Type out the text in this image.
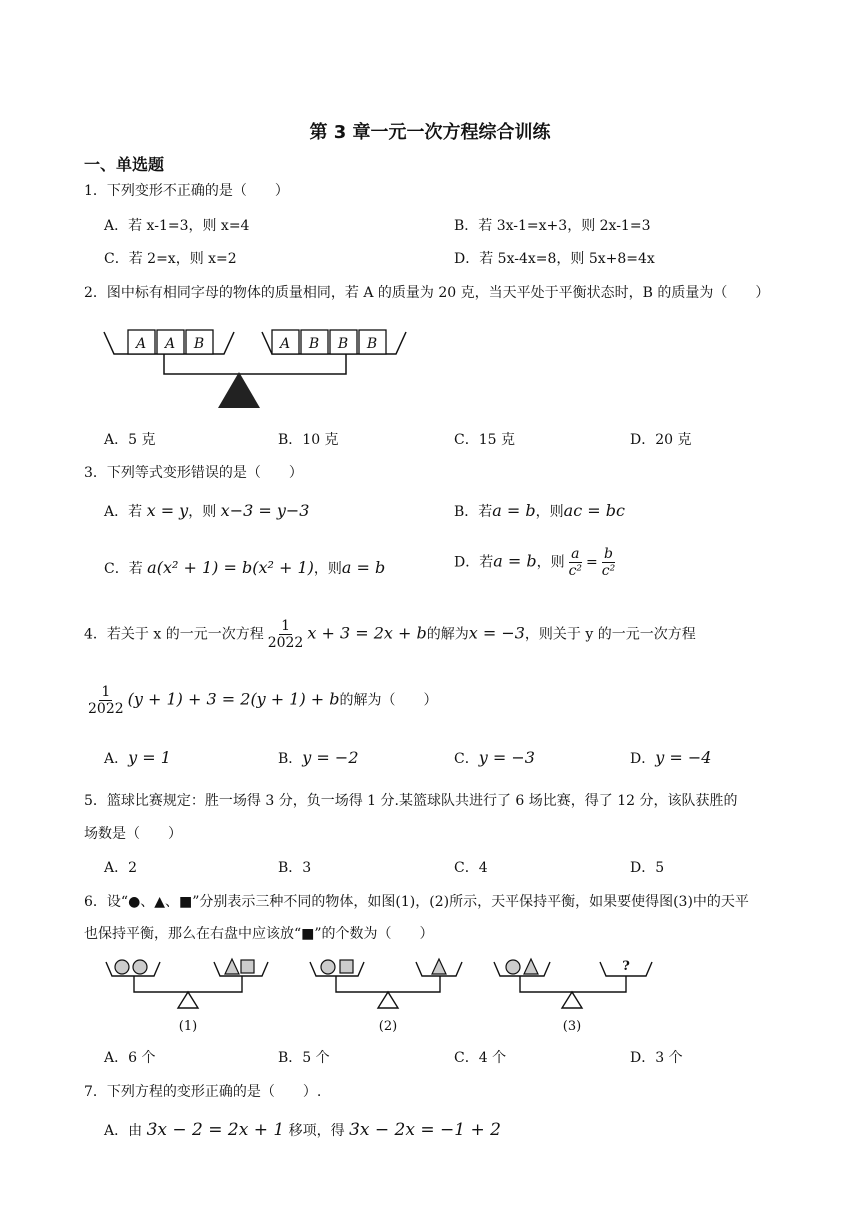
第 3 章一元一次方程综合训练
一、单选题
1．下列变形不正确的是（　　）
A．若 x-1=3，则 x=4	B．若 3x-1=x+3，则 2x-1=3
C．若 2=x，则 x=2	D．若 5x-4x=8，则 5x+8=4x
2．图中标有相同字母的物体的质量相同，若 A 的质量为 20 克，当天平处于平衡状态时，B 的质量为（　　）
A A B	A B B B
A．5 克	B．10 克	C．15 克	D．20 克
3．下列等式变形错误的是（　　）
A．若 x = y，则 x−3 = y−3	B．若a = b，则ac = bc
C．若 a(x² + 1) = b(x² + 1)，则a = b	D．若a = b，则 $\frac{a}{\text{c²}} = \frac{b}{\text{c²}}$
4．若关于 x 的一元一次方程 $\frac{1}{2022}$ x + 3 = 2x + b的解为x = −3，则关于 y 的一元一次方程
$\frac{1}{2022} (y + 1) + 3 = 2(y + 1) + b$的解为（　　）
A．y = 1	B．y = −2	C．y = −3	D．y = −4
5．篮球比赛规定：胜一场得 3 分，负一场得 1 分.某篮球队共进行了 6 场比赛，得了 12 分，该队获胜的
场数是（　　）
A．2	B．3	C．4	D．5
6．设“●、▲、■”分别表示三种不同的物体，如图(1)，(2)所示，天平保持平衡，如果要使得图(3)中的天平
也保持平衡，那么在右盘中应该放“■”的个数为（　　）
?
(1)	(2)	(3)
A．6 个	B．5 个	C．4 个	D．3 个
7．下列方程的变形正确的是（　　）.
A．由 3x − 2 = 2x + 1 移项，得 3x − 2x = −1 + 2
